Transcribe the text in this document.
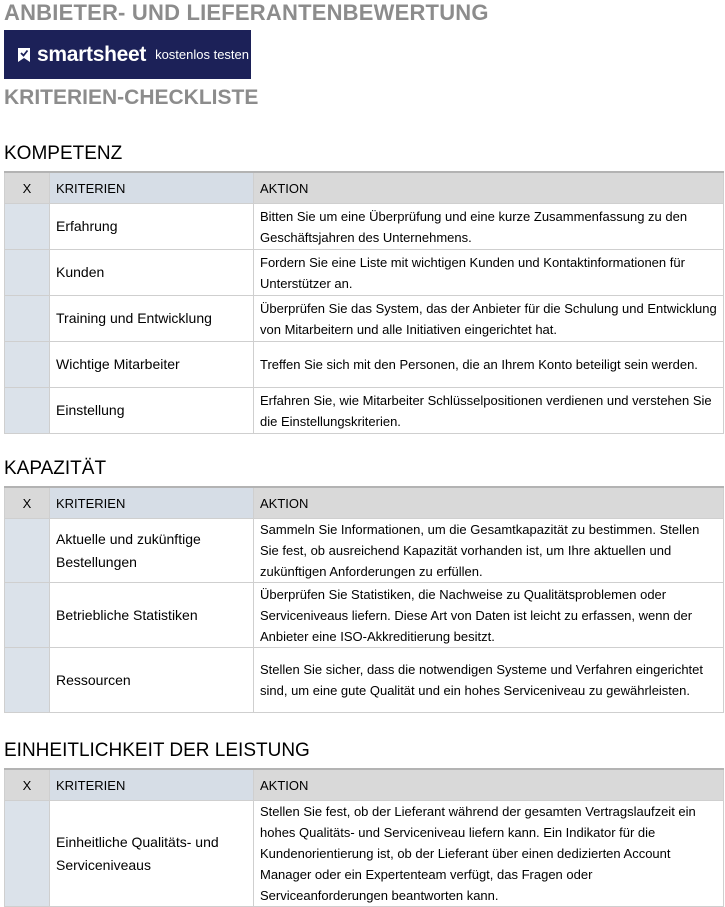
ANBIETER- UND LIEFERANTENBEWERTUNG
smartsheet kostenlos testen
KRITERIEN-CHECKLISTE
KOMPETENZ
X	KRITERIEN	AKTION
	Erfahrung	Bitten Sie um eine Überprüfung und eine kurze Zusammenfassung zu den Geschäftsjahren des Unternehmens.
	Kunden	Fordern Sie eine Liste mit wichtigen Kunden und Kontaktinformationen für Unterstützer an.
	Training und Entwicklung	Überprüfen Sie das System, das der Anbieter für die Schulung und Entwicklung von Mitarbeitern und alle Initiativen eingerichtet hat.
	Wichtige Mitarbeiter	Treffen Sie sich mit den Personen, die an Ihrem Konto beteiligt sein werden.
	Einstellung	Erfahren Sie, wie Mitarbeiter Schlüsselpositionen verdienen und verstehen Sie die Einstellungskriterien.
KAPAZITÄT
X	KRITERIEN	AKTION
	Aktuelle und zukünftige Bestellungen	Sammeln Sie Informationen, um die Gesamtkapazität zu bestimmen. Stellen Sie fest, ob ausreichend Kapazität vorhanden ist, um Ihre aktuellen und zukünftigen Anforderungen zu erfüllen.
	Betriebliche Statistiken	Überprüfen Sie Statistiken, die Nachweise zu Qualitätsproblemen oder Serviceniveaus liefern. Diese Art von Daten ist leicht zu erfassen, wenn der Anbieter eine ISO-Akkreditierung besitzt.
	Ressourcen	Stellen Sie sicher, dass die notwendigen Systeme und Verfahren eingerichtet sind, um eine gute Qualität und ein hohes Serviceniveau zu gewährleisten.
EINHEITLICHKEIT DER LEISTUNG
X	KRITERIEN	AKTION
	Einheitliche Qualitäts- und Serviceniveaus	Stellen Sie fest, ob der Lieferant während der gesamten Vertragslaufzeit ein hohes Qualitäts- und Serviceniveau liefern kann. Ein Indikator für die Kundenorientierung ist, ob der Lieferant über einen dedizierten Account Manager oder ein Expertenteam verfügt, das Fragen oder Serviceanforderungen beantworten kann.
